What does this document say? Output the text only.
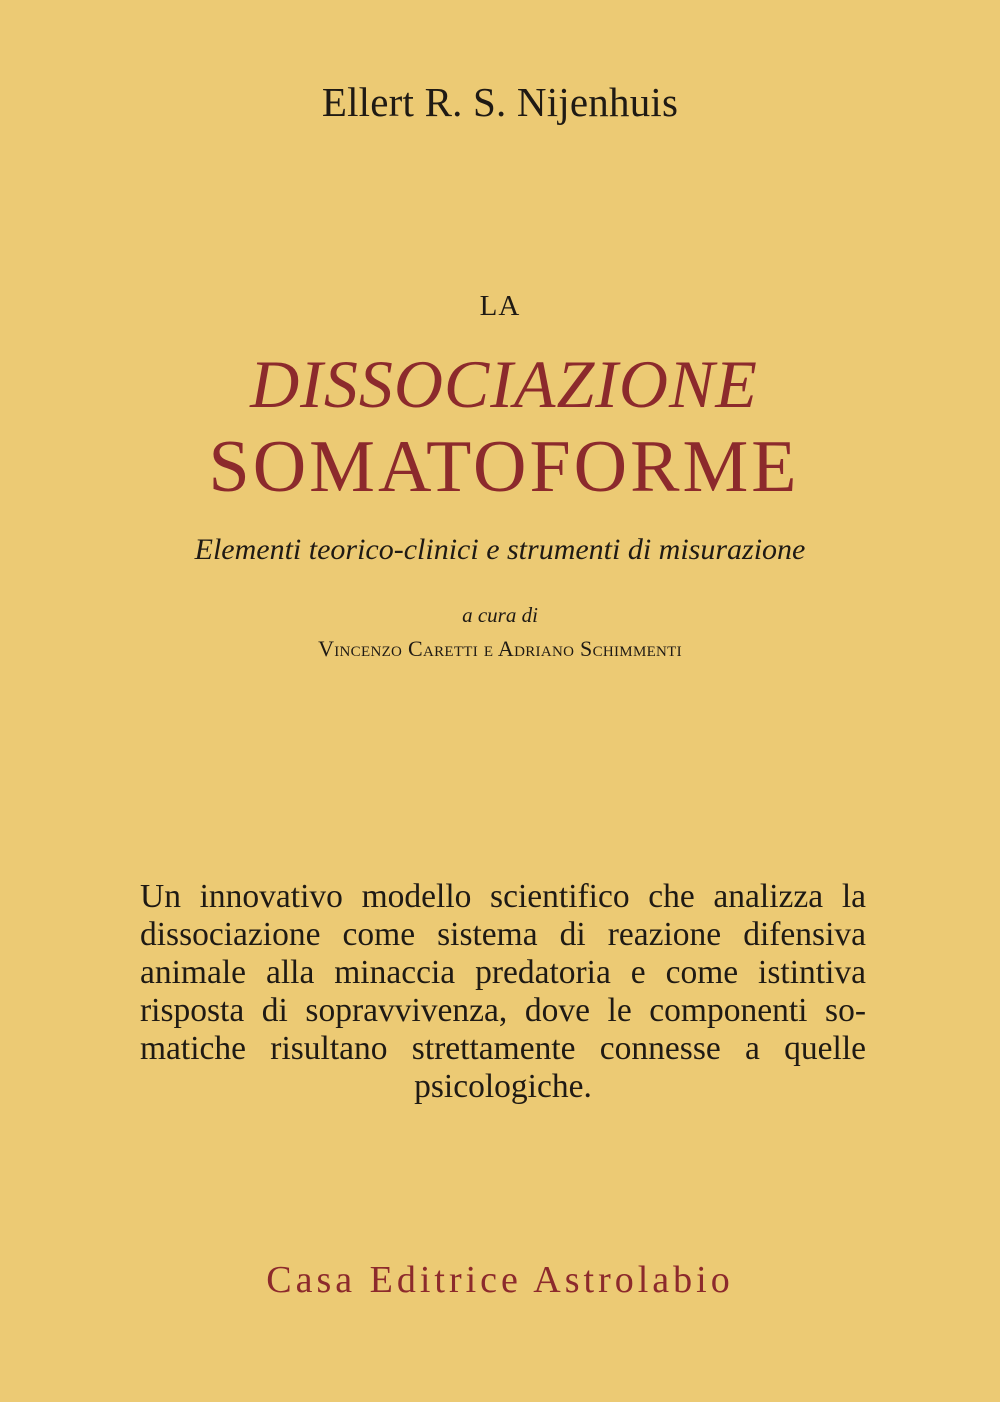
Ellert R. S. Nijenhuis
LA
DISSOCIAZIONE
SOMATOFORME
Elementi teorico-clinici e strumenti di misurazione
a cura di
Vincenzo Caretti e Adriano Schimmenti
Un innovativo modello scientifico che analizza la
dissociazione come sistema di reazione difensiva
animale alla minaccia predatoria e come istintiva
risposta di sopravvivenza, dove le componenti so-
matiche risultano strettamente connesse a quelle
psicologiche.
Casa Editrice Astrolabio
